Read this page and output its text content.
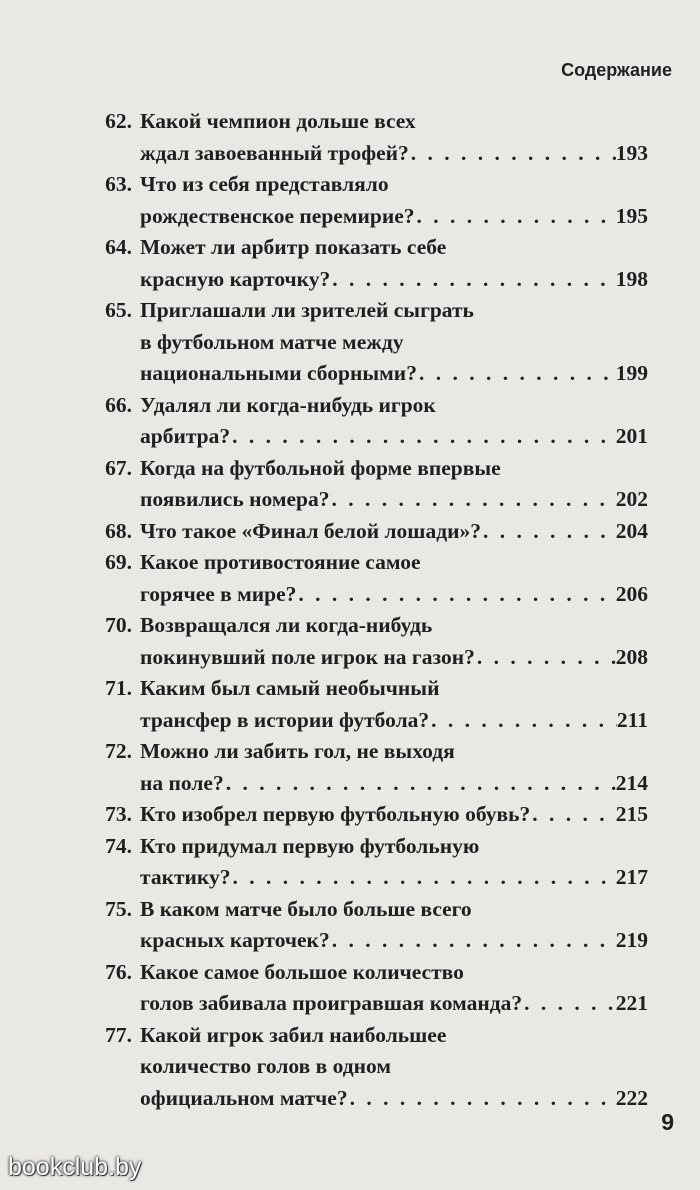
Содержание
62. Какой чемпион дольше всех
ждал завоеванный трофей? . . .	193
63. Что из себя представляло
рождественское перемирие? . . .	195
64. Может ли арбитр показать себе
красную карточку? . . .	198
65. Приглашали ли зрителей сыграть
в футбольном матче между
национальными сборными? . . .	199
66. Удалял ли когда-нибудь игрок
арбитра? . . .	201
67. Когда на футбольной форме впервые
появились номера? . . .	202
68. Что такое «Финал белой лошади»? . . .	204
69. Какое противостояние самое
горячее в мире? . . .	206
70. Возвращался ли когда-нибудь
покинувший поле игрок на газон? . . .	208
71. Каким был самый необычный
трансфер в истории футбола? . . .	211
72. Можно ли забить гол, не выходя
на поле? . . .	214
73. Кто изобрел первую футбольную обувь? . . .	215
74. Кто придумал первую футбольную
тактику? . . .	217
75. В каком матче было больше всего
красных карточек? . . .	219
76. Какое самое большое количество
голов забивала проигравшая команда? . . .	221
77. Какой игрок забил наибольшее
количество голов в одном
официальном матче? . . .	222
9
bookclub.by
